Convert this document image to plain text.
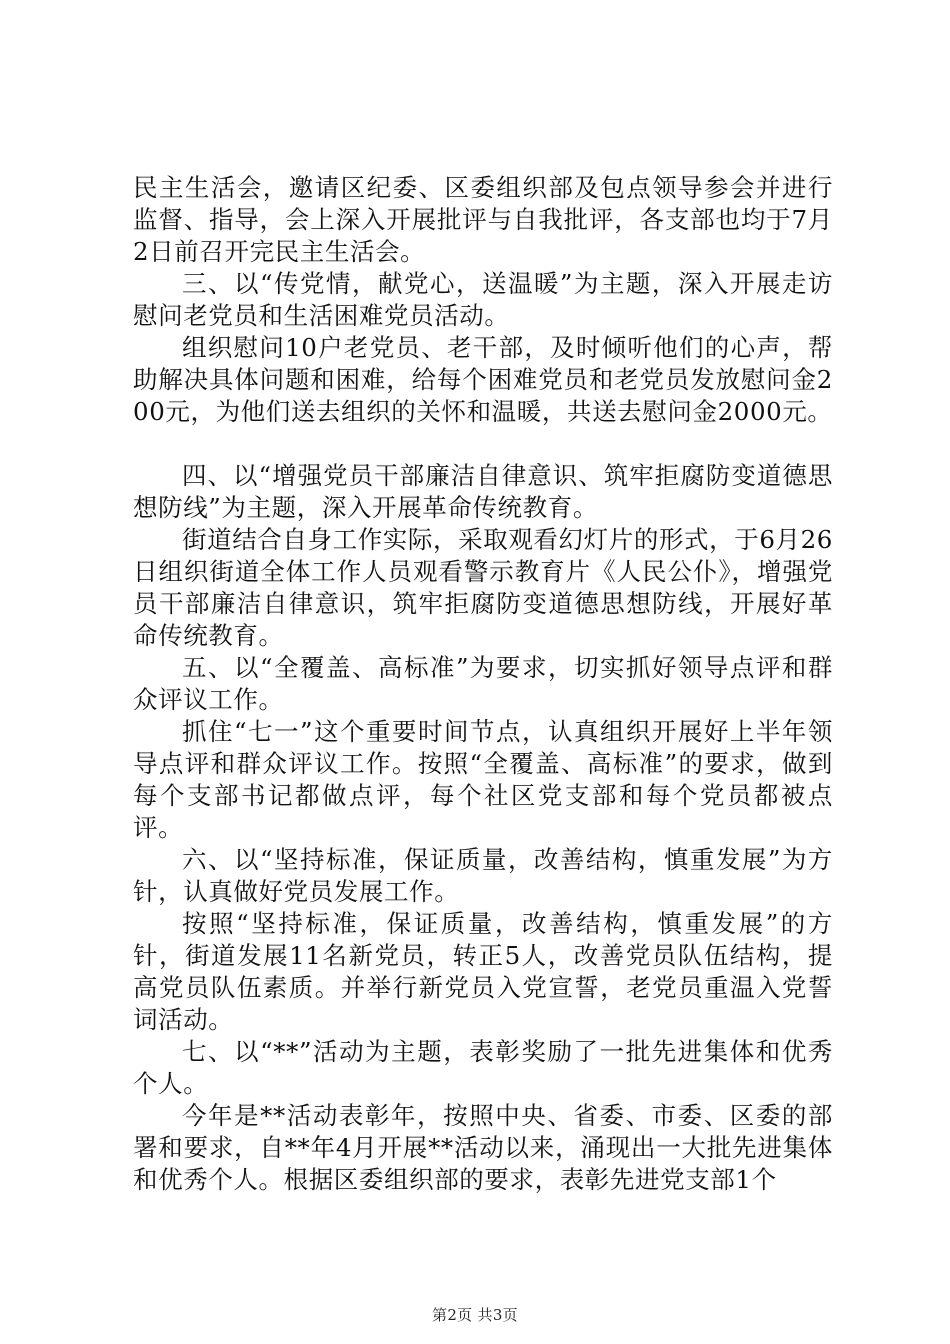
民主生活会，邀请区纪委、区委组织部及包点领导参会并进行监督、指导，会上深入开展批评与自我批评，各支部也均于7月2日前召开完民主生活会。

三、以“传党情，献党心，送温暖”为主题，深入开展走访慰问老党员和生活困难党员活动。

组织慰问10户老党员、老干部，及时倾听他们的心声，帮助解决具体问题和困难，给每个困难党员和老党员发放慰问金200元，为他们送去组织的关怀和温暖，共送去慰问金2000元。

四、以“增强党员干部廉洁自律意识、筑牢拒腐防变道德思想防线”为主题，深入开展革命传统教育。

街道结合自身工作实际，采取观看幻灯片的形式，于6月26日组织街道全体工作人员观看警示教育片《人民公仆》，增强党员干部廉洁自律意识，筑牢拒腐防变道德思想防线，开展好革命传统教育。

五、以“全覆盖、高标准”为要求，切实抓好领导点评和群众评议工作。

抓住“七一”这个重要时间节点，认真组织开展好上半年领导点评和群众评议工作。按照“全覆盖、高标准”的要求，做到每个支部书记都做点评，每个社区党支部和每个党员都被点评。

六、以“坚持标准，保证质量，改善结构，慎重发展”为方针，认真做好党员发展工作。

按照“坚持标准，保证质量，改善结构，慎重发展”的方针，街道发展11名新党员，转正5人，改善党员队伍结构，提高党员队伍素质。并举行新党员入党宣誓，老党员重温入党誓词活动。

七、以“**”活动为主题，表彰奖励了一批先进集体和优秀个人。

今年是**活动表彰年，按照中央、省委、市委、区委的部署和要求，自**年4月开展**活动以来，涌现出一大批先进集体和优秀个人。根据区委组织部的要求，表彰先进党支部1个

第2页 共3页
